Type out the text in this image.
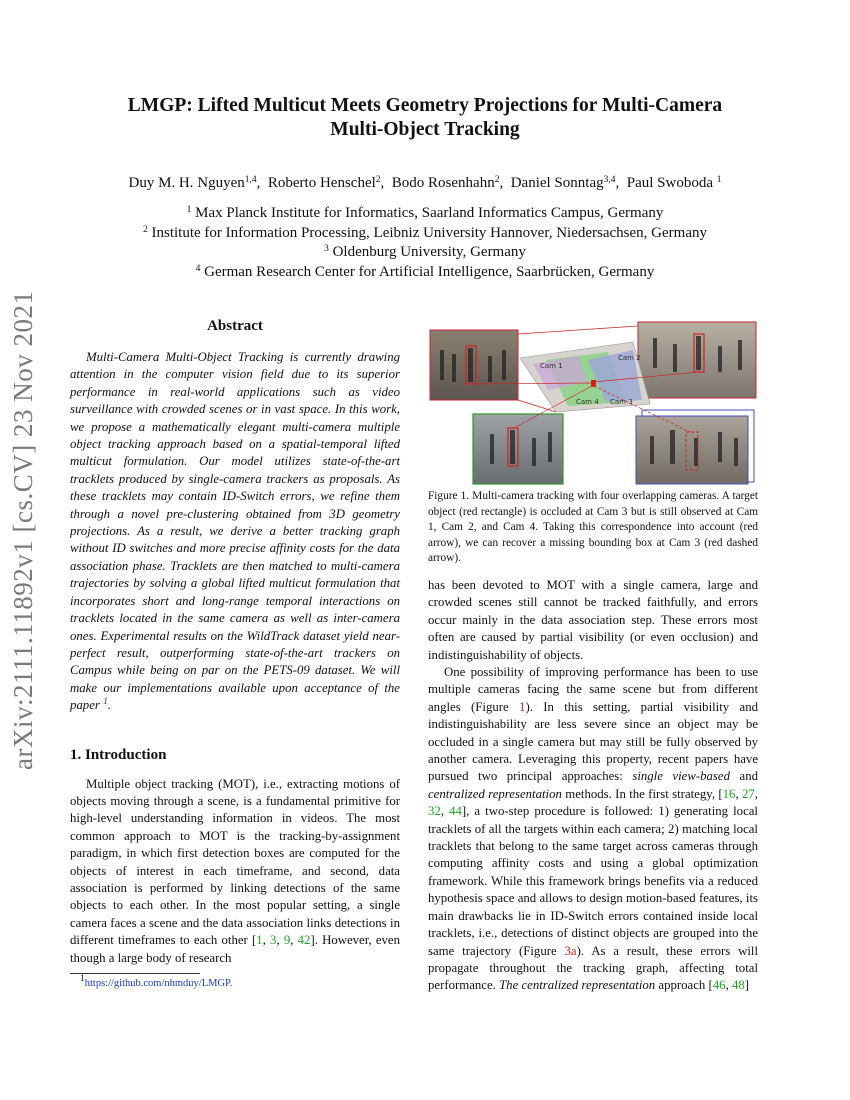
arXiv:2111.11892v1 [cs.CV] 23 Nov 2021
LMGP: Lifted Multicut Meets Geometry Projections for Multi-Camera
Multi-Object Tracking
Duy M. H. Nguyen$^{1,4}$,  Roberto Henschel$^2$,  Bodo Rosenhahn$^2$,  Daniel Sonntag$^{3,4}$,  Paul Swoboda $^1$
$^1$ Max Planck Institute for Informatics, Saarland Informatics Campus, Germany
$^2$ Institute for Information Processing, Leibniz University Hannover, Niedersachsen, Germany
$^3$ Oldenburg University, Germany
$^4$ German Research Center for Artificial Intelligence, Saarbrücken, Germany
Abstract

Multi-Camera Multi-Object Tracking is currently drawing attention in the computer vision field due to its superior performance in real-world applications such as video surveillance with crowded scenes or in vast space. In this work, we propose a mathematically elegant multi-camera multiple object tracking approach based on a spatial-temporal lifted multicut formulation. Our model utilizes state-of-the-art tracklets produced by single-camera trackers as proposals. As these tracklets may contain ID-Switch errors, we refine them through a novel pre-clustering obtained from 3D geometry projections. As a result, we derive a better tracking graph without ID switches and more precise affinity costs for the data association phase. Tracklets are then matched to multi-camera trajectories by solving a global lifted multicut formulation that incorporates short and long-range temporal interactions on tracklets located in the same camera as well as inter-camera ones. Experimental results on the WildTrack dataset yield near-perfect result, outperforming state-of-the-art trackers on Campus while being on par on the PETS-09 dataset. We will make our implementations available upon acceptance of the paper $^1$.

1. Introduction

Multiple object tracking (MOT), i.e., extracting motions of objects moving through a scene, is a fundamental primitive for high-level understanding information in videos. The most common approach to MOT is the tracking-by-assignment paradigm, in which first detection boxes are computed for the objects of interest in each timeframe, and second, data association is performed by linking detections of the same objects to each other. In the most popular setting, a single camera faces a scene and the data association links detections in different timeframes to each other [1, 3, 9, 42]. However, even though a large body of research

$^1$https://github.com/nhmduy/LMGP.
Cam 1
Cam 2
Cam 4 Cam 3
Figure 1. Multi-camera tracking with four overlapping cameras. A target object (red rectangle) is occluded at Cam 3 but is still observed at Cam 1, Cam 2, and Cam 4. Taking this correspondence into account (red arrow), we can recover a missing bounding box at Cam 3 (red dashed arrow).

has been devoted to MOT with a single camera, large and crowded scenes still cannot be tracked faithfully, and errors occur mainly in the data association step. These errors most often are caused by partial visibility (or even occlusion) and indistinguishability of objects.

One possibility of improving performance has been to use multiple cameras facing the same scene but from different angles (Figure 1). In this setting, partial visibility and indistinguishability are less severe since an object may be occluded in a single camera but may still be fully observed by another camera. Leveraging this property, recent papers have pursued two principal approaches: single view-based and centralized representation methods. In the first strategy, [16, 27, 32, 44], a two-step procedure is followed: 1) generating local tracklets of all the targets within each camera; 2) matching local tracklets that belong to the same target across cameras through computing affinity costs and using a global optimization framework. While this framework brings benefits via a reduced hypothesis space and allows to design motion-based features, its main drawbacks lie in ID-Switch errors contained inside local tracklets, i.e., detections of distinct objects are grouped into the same trajectory (Figure 3a). As a result, these errors will propagate throughout the tracking graph, affecting total performance. The centralized representation approach [46, 48]
